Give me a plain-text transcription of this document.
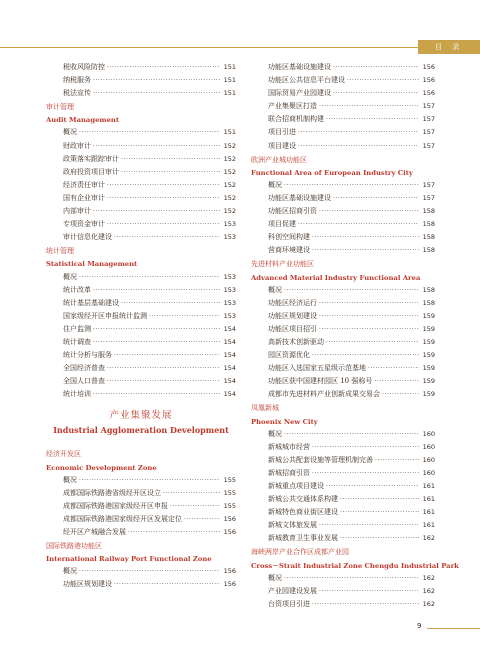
目 录
税收风险防控 ·····	151
纳税服务 ·····	151
税法宣传 ·····	151
审计管理
Audit Management
概况 ·····	151
财政审计 ·····	152
政策落实跟踪审计 ·····	152
政府投资项目审计 ·····	152
经济责任审计 ·····	152
国有企业审计 ·····	152
内部审计 ·····	152
专项资金审计 ·····	153
审计信息化建设 ·····	153
统计管理
Statistical Management
概况 ·····	153
统计改革 ·····	153
统计基层基础建设 ·····	153
国家级经开区申报统计监测 ·····	153
住户监测 ·····	154
统计调查 ·····	154
统计分析与服务 ·····	154
全国经济普查 ·····	154
全国人口普查 ·····	154
统计培训 ·····	154
产业集聚发展
Industrial Agglomeration Development
经济开发区
Economic Development Zone
概况 ·····	155
成都国际铁路港省级经开区设立 ·····	155
成都国际铁路港国家级经开区申报 ·····	155
成都国际铁路港国家级经开区发展定位 ·····	156
经开区产城融合发展 ·····	156
国际铁路港功能区
International Railway Port Functional Zone
概况 ·····	156
功能区规划建设 ·····	156
功能区基础设施建设 ·····	156
功能区公共信息平台建设 ·····	156
国际贸易产业园建设 ·····	156
产业集聚区打造 ·····	157
联合招商机制构建 ·····	157
项目引进 ·····	157
项目建设 ·····	157
欧洲产业城功能区
Functional Area of European Industry City
概况 ·····	157
功能区基础设施建设 ·····	157
功能区招商引资 ·····	158
项目促建 ·····	158
科创空间构建 ·····	158
营商环境建设 ·····	158
先进材料产业功能区
Advanced Material Industry Functional Area
概况 ·····	158
功能区经济运行 ·····	158
功能区规划建设 ·····	159
功能区项目招引 ·····	159
高新技术创新驱动 ·····	159
园区资源优化 ·····	159
功能区入选国家五星级示范基地 ·····	159
功能区获中国建材园区 10 强称号 ·····	159
成都市先进材料产业创新成果交易会 ·····	159
凤凰新城
Phoenix New City
概况 ·····	160
新城城市经营 ·····	160
新城公共配套设施等管理机制完善 ·····	160
新城招商引资 ·····	160
新城重点项目建设 ·····	161
新城公共交通体系构建 ·····	161
新城特色商业街区建设 ·····	161
新城文体旅发展 ·····	161
新城教育卫生事业发展 ·····	162
海峡两岸产业合作区成都产业园
Cross－Strait Industrial Zone Chengdu Industrial Park
概况 ·····	162
产业园建设发展 ·····	162
台资项目引进 ·····	162
9
